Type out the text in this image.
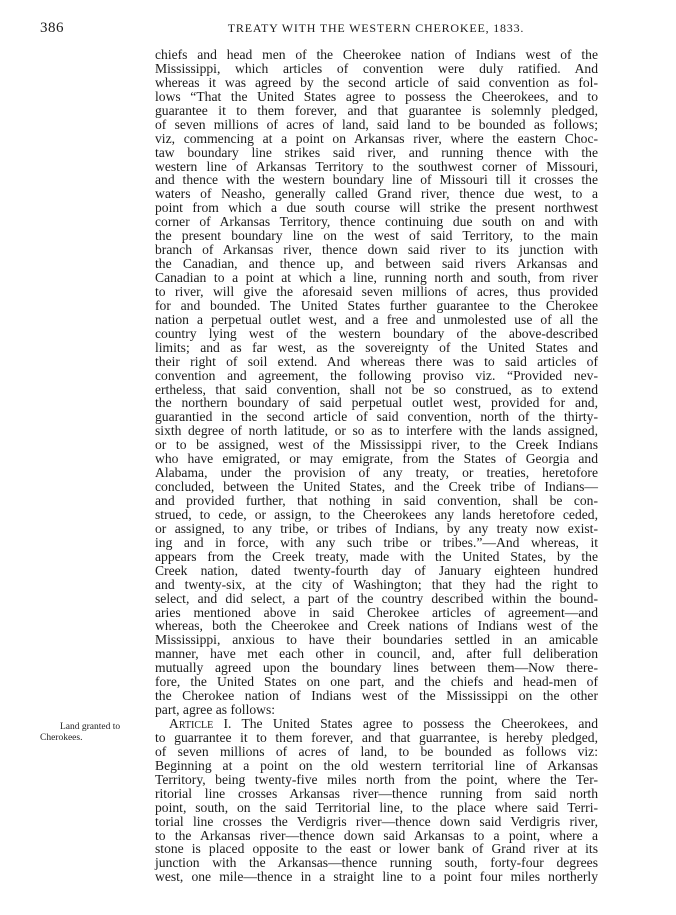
386	TREATY WITH THE WESTERN CHEROKEE, 1833.
Land granted to
Cherokees.
chiefs and head men of the Cheerokee nation of Indians west of the
Mississippi, which articles of convention were duly ratified. And
whereas it was agreed by the second article of said convention as fol-
lows “That the United States agree to possess the Cheerokees, and to
guarantee it to them forever, and that guarantee is solemnly pledged,
of seven millions of acres of land, said land to be bounded as follows;
viz, commencing at a point on Arkansas river, where the eastern Choc-
taw boundary line strikes said river, and running thence with the
western line of Arkansas Territory to the southwest corner of Missouri,
and thence with the western boundary line of Missouri till it crosses the
waters of Neasho, generally called Grand river, thence due west, to a
point from which a due south course will strike the present northwest
corner of Arkansas Territory, thence continuing due south on and with
the present boundary line on the west of said Territory, to the main
branch of Arkansas river, thence down said river to its junction with
the Canadian, and thence up, and between said rivers Arkansas and
Canadian to a point at which a line, running north and south, from river
to river, will give the aforesaid seven millions of acres, thus provided
for and bounded. The United States further guarantee to the Cherokee
nation a perpetual outlet west, and a free and unmolested use of all the
country lying west of the western boundary of the above-described
limits; and as far west, as the sovereignty of the United States and
their right of soil extend. And whereas there was to said articles of
convention and agreement, the following proviso viz. “Provided nev-
ertheless, that said convention, shall not be so construed, as to extend
the northern boundary of said perpetual outlet west, provided for and,
guarantied in the second article of said convention, north of the thirty-
sixth degree of north latitude, or so as to interfere with the lands assigned,
or to be assigned, west of the Mississippi river, to the Creek Indians
who have emigrated, or may emigrate, from the States of Georgia and
Alabama, under the provision of any treaty, or treaties, heretofore
concluded, between the United States, and the Creek tribe of Indians—
and provided further, that nothing in said convention, shall be con-
strued, to cede, or assign, to the Cheerokees any lands heretofore ceded,
or assigned, to any tribe, or tribes of Indians, by any treaty now exist-
ing and in force, with any such tribe or tribes.”—And whereas, it
appears from the Creek treaty, made with the United States, by the
Creek nation, dated twenty-fourth day of January eighteen hundred
and twenty-six, at the city of Washington; that they had the right to
select, and did select, a part of the country described within the bound-
aries mentioned above in said Cherokee articles of agreement—and
whereas, both the Cheerokee and Creek nations of Indians west of the
Mississippi, anxious to have their boundaries settled in an amicable
manner, have met each other in council, and, after full deliberation
mutually agreed upon the boundary lines between them—Now there-
fore, the United States on one part, and the chiefs and head-men of
the Cherokee nation of Indians west of the Mississippi on the other
part, agree as follows:
Article I. The United States agree to possess the Cheerokees, and
to guarrantee it to them forever, and that guarrantee, is hereby pledged,
of seven millions of acres of land, to be bounded as follows viz:
Beginning at a point on the old western territorial line of Arkansas
Territory, being twenty-five miles north from the point, where the Ter-
ritorial line crosses Arkansas river—thence running from said north
point, south, on the said Territorial line, to the place where said Terri-
torial line crosses the Verdigris river—thence down said Verdigris river,
to the Arkansas river—thence down said Arkansas to a point, where a
stone is placed opposite to the east or lower bank of Grand river at its
junction with the Arkansas—thence running south, forty-four degrees
west, one mile—thence in a straight line to a point four miles northerly
